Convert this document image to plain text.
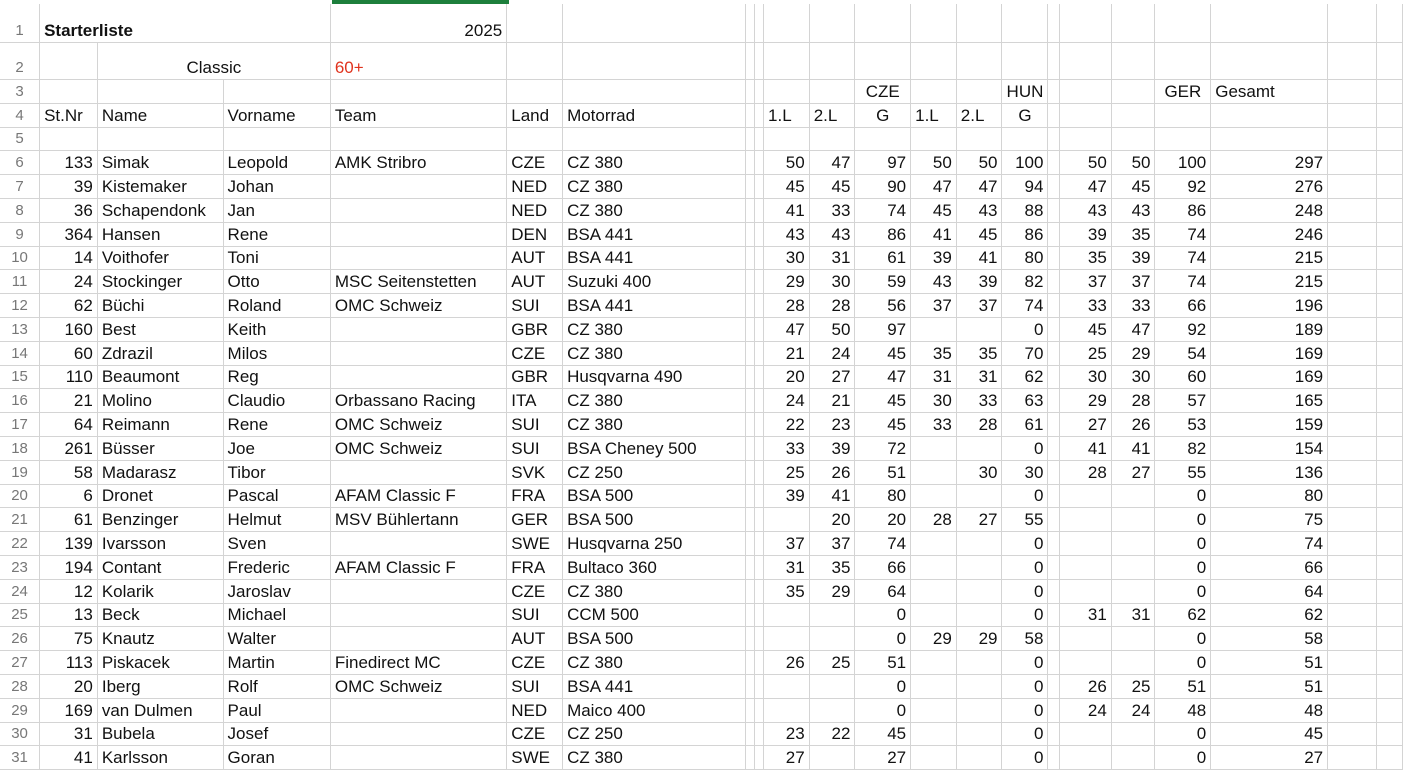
1	Starterliste			2025																	
2		Classic		60+																	
3											CZE			HUN				GER	Gesamt		
4	St.Nr	Name	Vorname	Team	Land	Motorrad			1.L	2.L	G	1.L	2.L	G							
5																					
6	133	Simak	Leopold	AMK Stribro	CZE	CZ 380			50	47	97	50	50	100		50	50	100	297		
7	39	Kistemaker	Johan		NED	CZ 380			45	45	90	47	47	94		47	45	92	276		
8	36	Schapendonk	Jan		NED	CZ 380			41	33	74	45	43	88		43	43	86	248		
9	364	Hansen	Rene		DEN	BSA 441			43	43	86	41	45	86		39	35	74	246		
10	14	Voithofer	Toni		AUT	BSA 441			30	31	61	39	41	80		35	39	74	215		
11	24	Stockinger	Otto	MSC Seitenstetten	AUT	Suzuki 400			29	30	59	43	39	82		37	37	74	215		
12	62	Büchi	Roland	OMC Schweiz	SUI	BSA 441			28	28	56	37	37	74		33	33	66	196		
13	160	Best	Keith		GBR	CZ 380			47	50	97			0		45	47	92	189		
14	60	Zdrazil	Milos		CZE	CZ 380			21	24	45	35	35	70		25	29	54	169		
15	110	Beaumont	Reg		GBR	Husqvarna 490			20	27	47	31	31	62		30	30	60	169		
16	21	Molino	Claudio	Orbassano Racing	ITA	CZ 380			24	21	45	30	33	63		29	28	57	165		
17	64	Reimann	Rene	OMC Schweiz	SUI	CZ 380			22	23	45	33	28	61		27	26	53	159		
18	261	Büsser	Joe	OMC Schweiz	SUI	BSA Cheney 500			33	39	72			0		41	41	82	154		
19	58	Madarasz	Tibor		SVK	CZ 250			25	26	51		30	30		28	27	55	136		
20	6	Dronet	Pascal	AFAM Classic F	FRA	BSA 500			39	41	80			0				0	80		
21	61	Benzinger	Helmut	MSV Bühlertann	GER	BSA 500				20	20	28	27	55				0	75		
22	139	Ivarsson	Sven		SWE	Husqvarna 250			37	37	74			0				0	74		
23	194	Contant	Frederic	AFAM Classic F	FRA	Bultaco 360			31	35	66			0				0	66		
24	12	Kolarik	Jaroslav		CZE	CZ 380			35	29	64			0				0	64		
25	13	Beck	Michael		SUI	CCM 500					0			0		31	31	62	62		
26	75	Knautz	Walter		AUT	BSA 500					0	29	29	58				0	58		
27	113	Piskacek	Martin	Finedirect MC	CZE	CZ 380			26	25	51			0				0	51		
28	20	Iberg	Rolf	OMC Schweiz	SUI	BSA 441					0			0		26	25	51	51		
29	169	van Dulmen	Paul		NED	Maico 400					0			0		24	24	48	48		
30	31	Bubela	Josef		CZE	CZ 250			23	22	45			0				0	45		
31	41	Karlsson	Goran		SWE	CZ 380			27		27			0				0	27		
